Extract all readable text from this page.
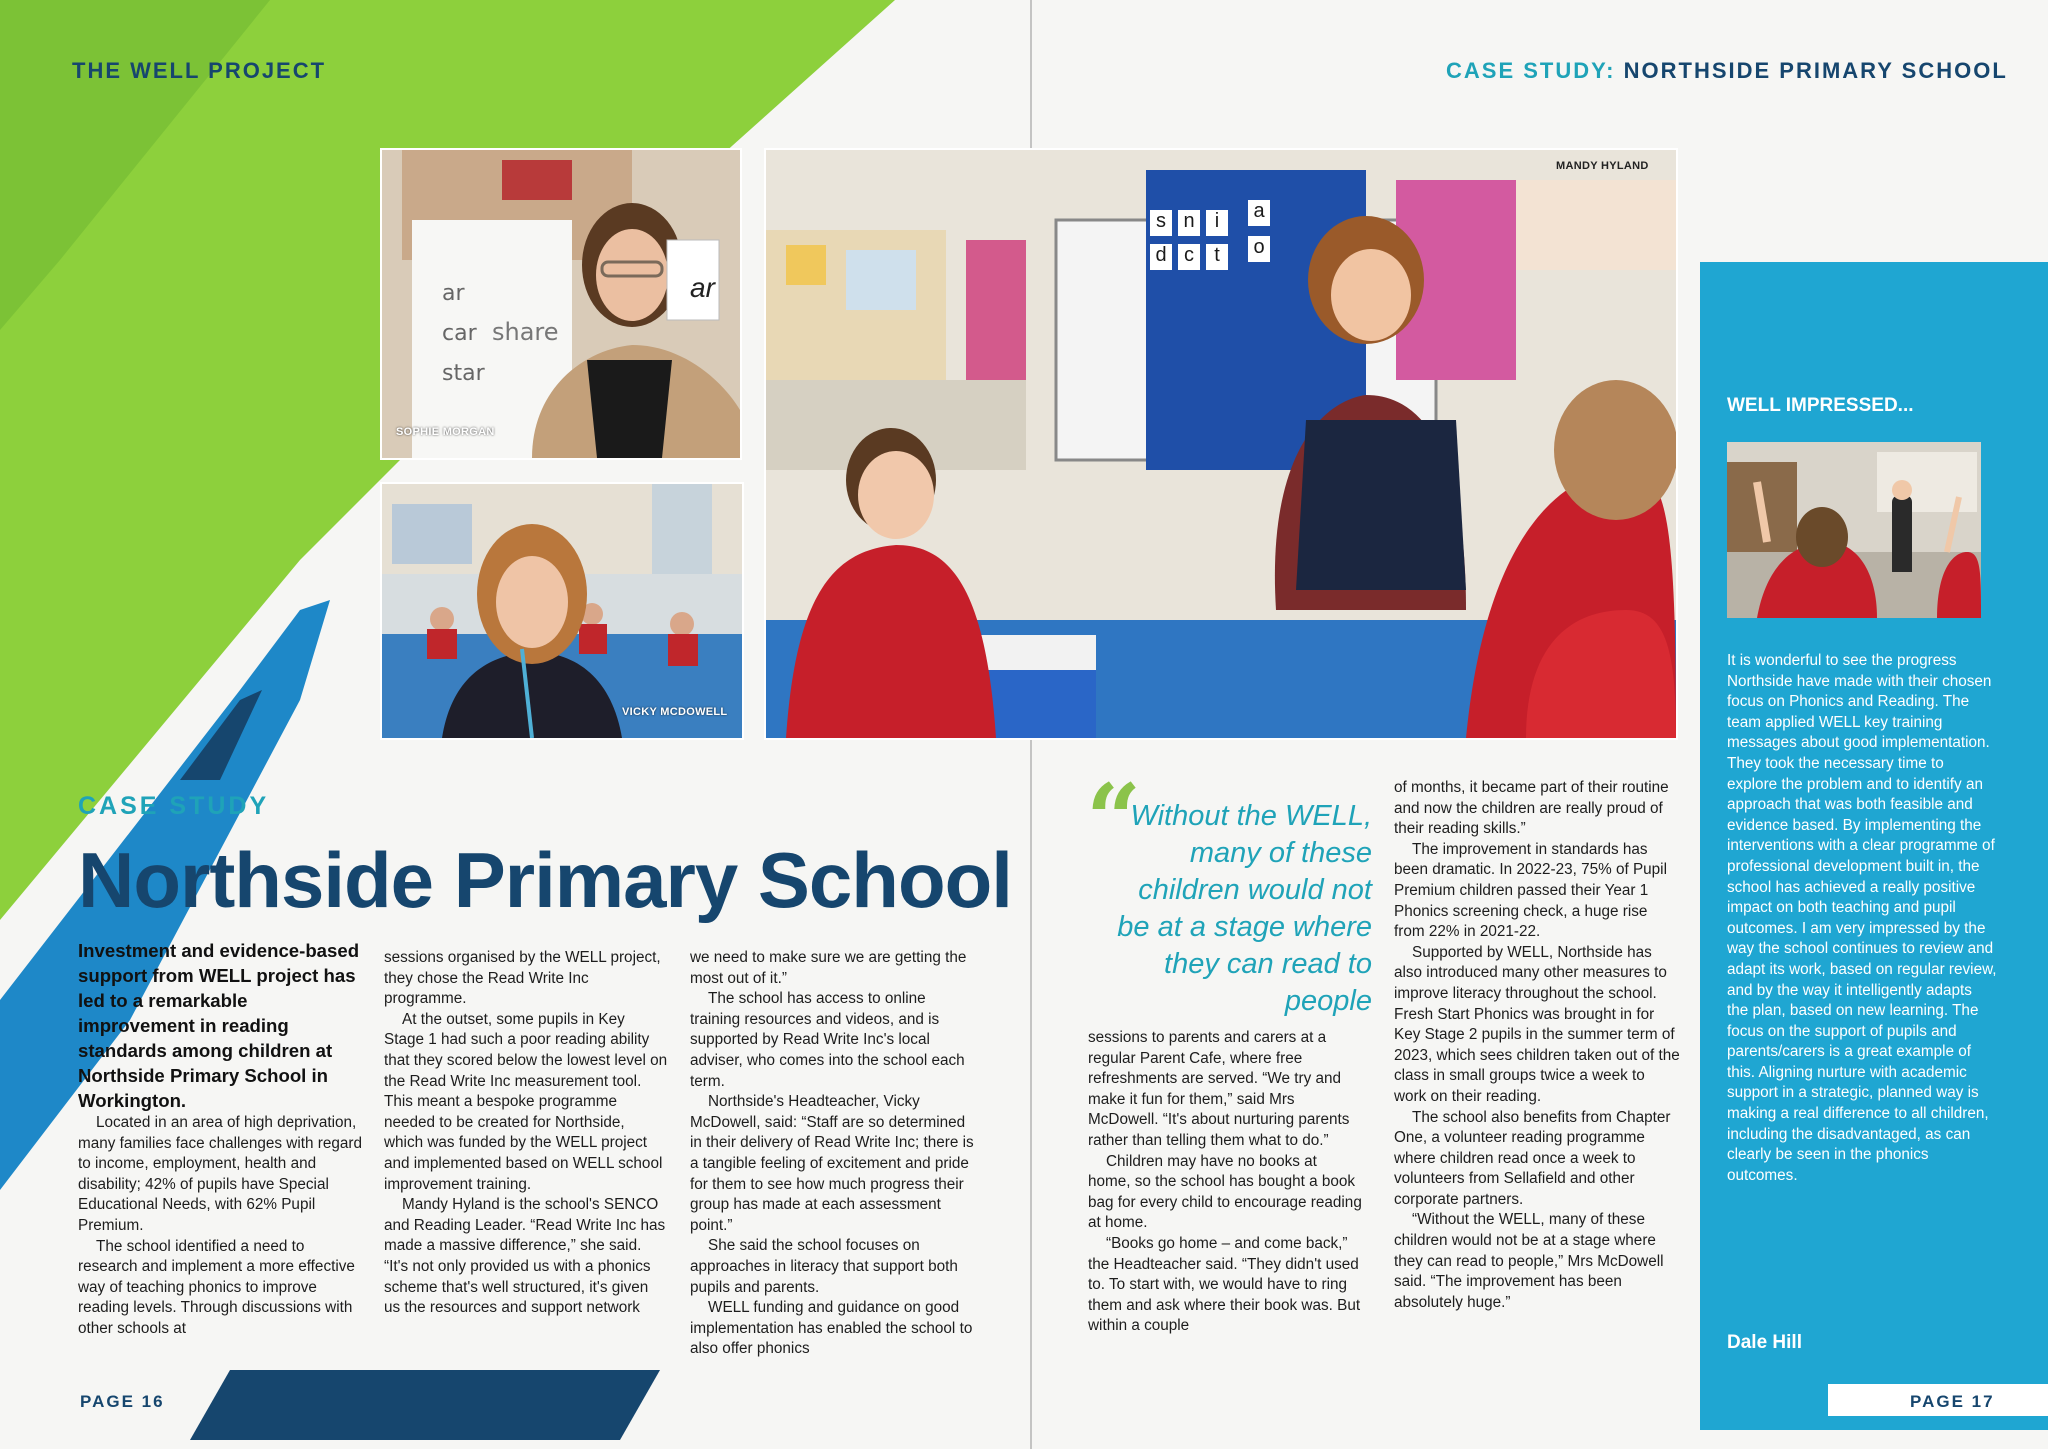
THE WELL PROJECT	CASE STUDY: NORTHSIDE PRIMARY SCHOOL
ar
car
star
share
ar
SOPHIE MORGAN
VICKY MCDOWELL
s n	i	a
d c	t	o
MANDY HYLAND
CASE STUDY
Northside Primary School

Investment and evidence-based support from WELL project has led to a remarkable improvement in reading standards among children at Northside Primary School in Workington.

Located in an area of high deprivation, many families face challenges with regard to income, employment, health and disability; 42% of pupils have Special Educational Needs, with 62% Pupil Premium.

The school identified a need to research and implement a more effective way of teaching phonics to improve reading levels. Through discussions with other schools at

sessions organised by the WELL project, they chose the Read Write Inc programme.

At the outset, some pupils in Key Stage 1 had such a poor reading ability that they scored below the lowest level on the Read Write Inc measurement tool. This meant a bespoke programme needed to be created for Northside, which was funded by the WELL project and implemented based on WELL school improvement training.

Mandy Hyland is the school's SENCO and Reading Leader. “Read Write Inc has made a massive difference,” she said. “It's not only provided us with a phonics scheme that's well structured, it's given us the resources and support network

we need to make sure we are getting the most out of it.”

The school has access to online training resources and videos, and is supported by Read Write Inc's local adviser, who comes into the school each term.

Northside's Headteacher, Vicky McDowell, said: “Staff are so determined in their delivery of Read Write Inc; there is a tangible feeling of excitement and pride for them to see how much progress their group has made at each assessment point.”

She said the school focuses on approaches in literacy that support both pupils and parents.

WELL funding and guidance on good implementation has enabled the school to also offer phonics

PAGE 16
“
Without the WELL, many of these children would not be at a stage where they can read to people

sessions to parents and carers at a regular Parent Cafe, where free refreshments are served. “We try and make it fun for them,” said Mrs McDowell. “It's about nurturing parents rather than telling them what to do.”

Children may have no books at home, so the school has bought a book bag for every child to encourage reading at home.

“Books go home – and come back,” the Headteacher said. “They didn't used to. To start with, we would have to ring them and ask where their book was. But within a couple

of months, it became part of their routine and now the children are really proud of their reading skills.”

The improvement in standards has been dramatic. In 2022-23, 75% of Pupil Premium children passed their Year 1 Phonics screening check, a huge rise from 22% in 2021-22.

Supported by WELL, Northside has also introduced many other measures to improve literacy throughout the school. Fresh Start Phonics was brought in for Key Stage 2 pupils in the summer term of 2023, which sees children taken out of the class in small groups twice a week to work on their reading.

The school also benefits from Chapter One, a volunteer reading programme where children read once a week to volunteers from Sellafield and other corporate partners.

“Without the WELL, many of these children would not be at a stage where they can read to people,” Mrs McDowell said. “The improvement has been absolutely huge.”

WELL IMPRESSED...
It is wonderful to see the progress Northside have made with their chosen focus on Phonics and Reading. The team applied WELL key training messages about good implementation. They took the necessary time to explore the problem and to identify an approach that was both feasible and evidence based. By implementing the interventions with a clear programme of professional development built in, the school has achieved a really positive impact on both teaching and pupil outcomes. I am very impressed by the way the school continues to review and adapt its work, based on regular review, and by the way it intelligently adapts the plan, based on new learning. The focus on the support of pupils and parents/carers is a great example of this. Aligning nurture with academic support in a strategic, planned way is making a real difference to all children, including the disadvantaged, as can clearly be seen in the phonics outcomes.
Dale Hill
PAGE 17
